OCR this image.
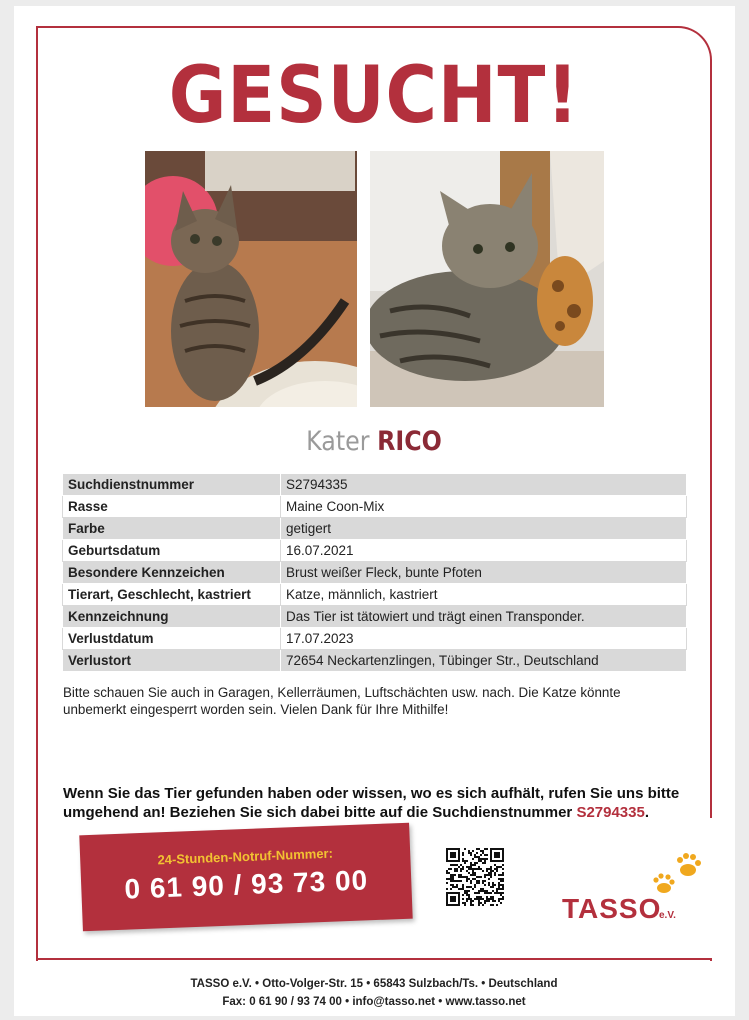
GESUCHT!
Kater RICO
Suchdienstnummer	S2794335
Rasse	Maine Coon-Mix
Farbe	getigert
Geburtsdatum	16.07.2021
Besondere Kennzeichen	Brust weißer Fleck, bunte Pfoten
Tierart, Geschlecht, kastriert	Katze, männlich, kastriert
Kennzeichnung	Das Tier ist tätowiert und trägt einen Transponder.
Verlustdatum	17.07.2023
Verlustort	72654 Neckartenzlingen, Tübinger Str., Deutschland
Bitte schauen Sie auch in Garagen, Kellerräumen, Luftschächten usw. nach. Die Katze könnte unbemerkt eingesperrt worden sein. Vielen Dank für Ihre Mithilfe!
Wenn Sie das Tier gefunden haben oder wissen, wo es sich aufhält, rufen Sie uns bitte umgehend an! Beziehen Sie sich dabei bitte auf die Suchdienstnummer S2794335.
24-Stunden-Notruf-Nummer:
0 61 90 / 93 73 00
TASSO
e.V.
TASSO e.V. • Otto-Volger-Str. 15 • 65843 Sulzbach/Ts. • Deutschland
Fax: 0 61 90 / 93 74 00 • info@tasso.net • www.tasso.net
